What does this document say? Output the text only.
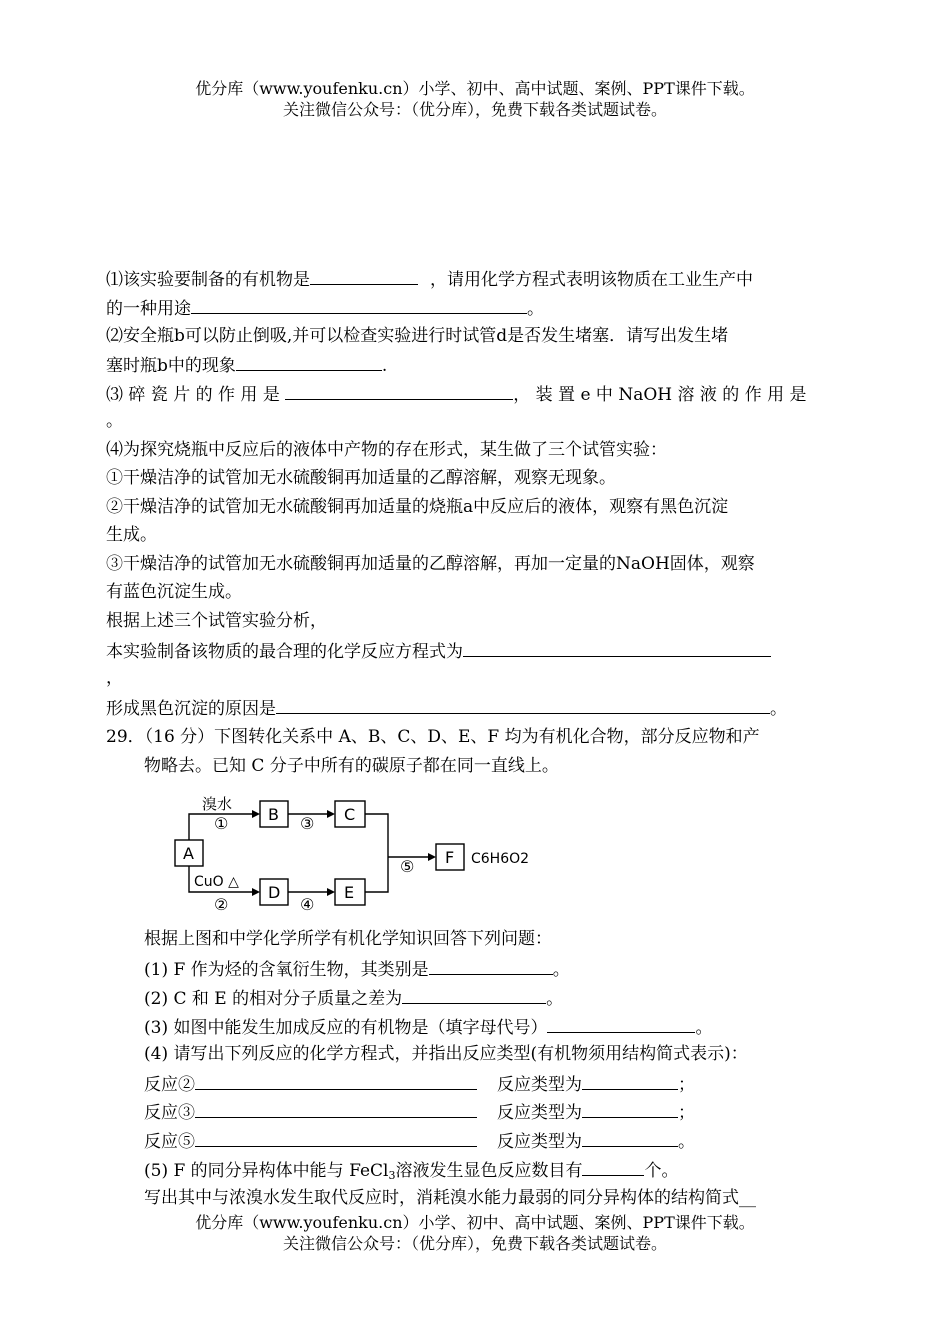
优分库（www.youfenku.cn）小学、初中、高中试题、案例、PPT课件下载。
关注微信公众号：（优分库），免费下载各类试题试卷。
⑴该实验要制备的有机物是	，请用化学方程式表明该物质在工业生产中
的一种用途	。
⑵安全瓶b可以防止倒吸,并可以检查实验进行时试管d是否发生堵塞．请写出发生堵
塞时瓶b中的现象	.
⑶ 碎 瓷 片 的 作 用 是	， 装 置 e 中 NaOH 溶 液 的 作 用 是
。
⑷为探究烧瓶中反应后的液体中产物的存在形式，某生做了三个试管实验：
①干燥洁净的试管加无水硫酸铜再加适量的乙醇溶解，观察无现象。
②干燥洁净的试管加无水硫酸铜再加适量的烧瓶a中反应后的液体，观察有黑色沉淀
生成。
③干燥洁净的试管加无水硫酸铜再加适量的乙醇溶解，再加一定量的NaOH固体，观察
有蓝色沉淀生成。
根据上述三个试管实验分析，
本实验制备该物质的最合理的化学反应方程式为
，
形成黑色沉淀的原因是	。
29．（16 分）下图转化关系中 A、B、C、D、E、F 均为有机化合物，部分反应物和产
物略去。已知 C 分子中所有的碳原子都在同一直线上。
A
B	C
D	E
F
溴水
CuO △
①
②
③
④
⑤	C6H6O2
根据上图和中学化学所学有机化学知识回答下列问题：
(1) F 作为烃的含氧衍生物，其类别是	。
(2) C 和 E 的相对分子质量之差为	。
(3) 如图中能发生加成反应的有机物是（填字母代号）	。
(4) 请写出下列反应的化学方程式，并指出反应类型(有机物须用结构简式表示)：
反应②	反应类型为	；
反应③	反应类型为	；
反应⑤	反应类型为	。
(5) F 的同分异构体中能与 FeCl3溶液发生显色反应数目有	个。
写出其中与浓溴水发生取代反应时，消耗溴水能力最弱的同分异构体的结构简式__
优分库（www.youfenku.cn）小学、初中、高中试题、案例、PPT课件下载。
关注微信公众号：（优分库），免费下载各类试题试卷。
